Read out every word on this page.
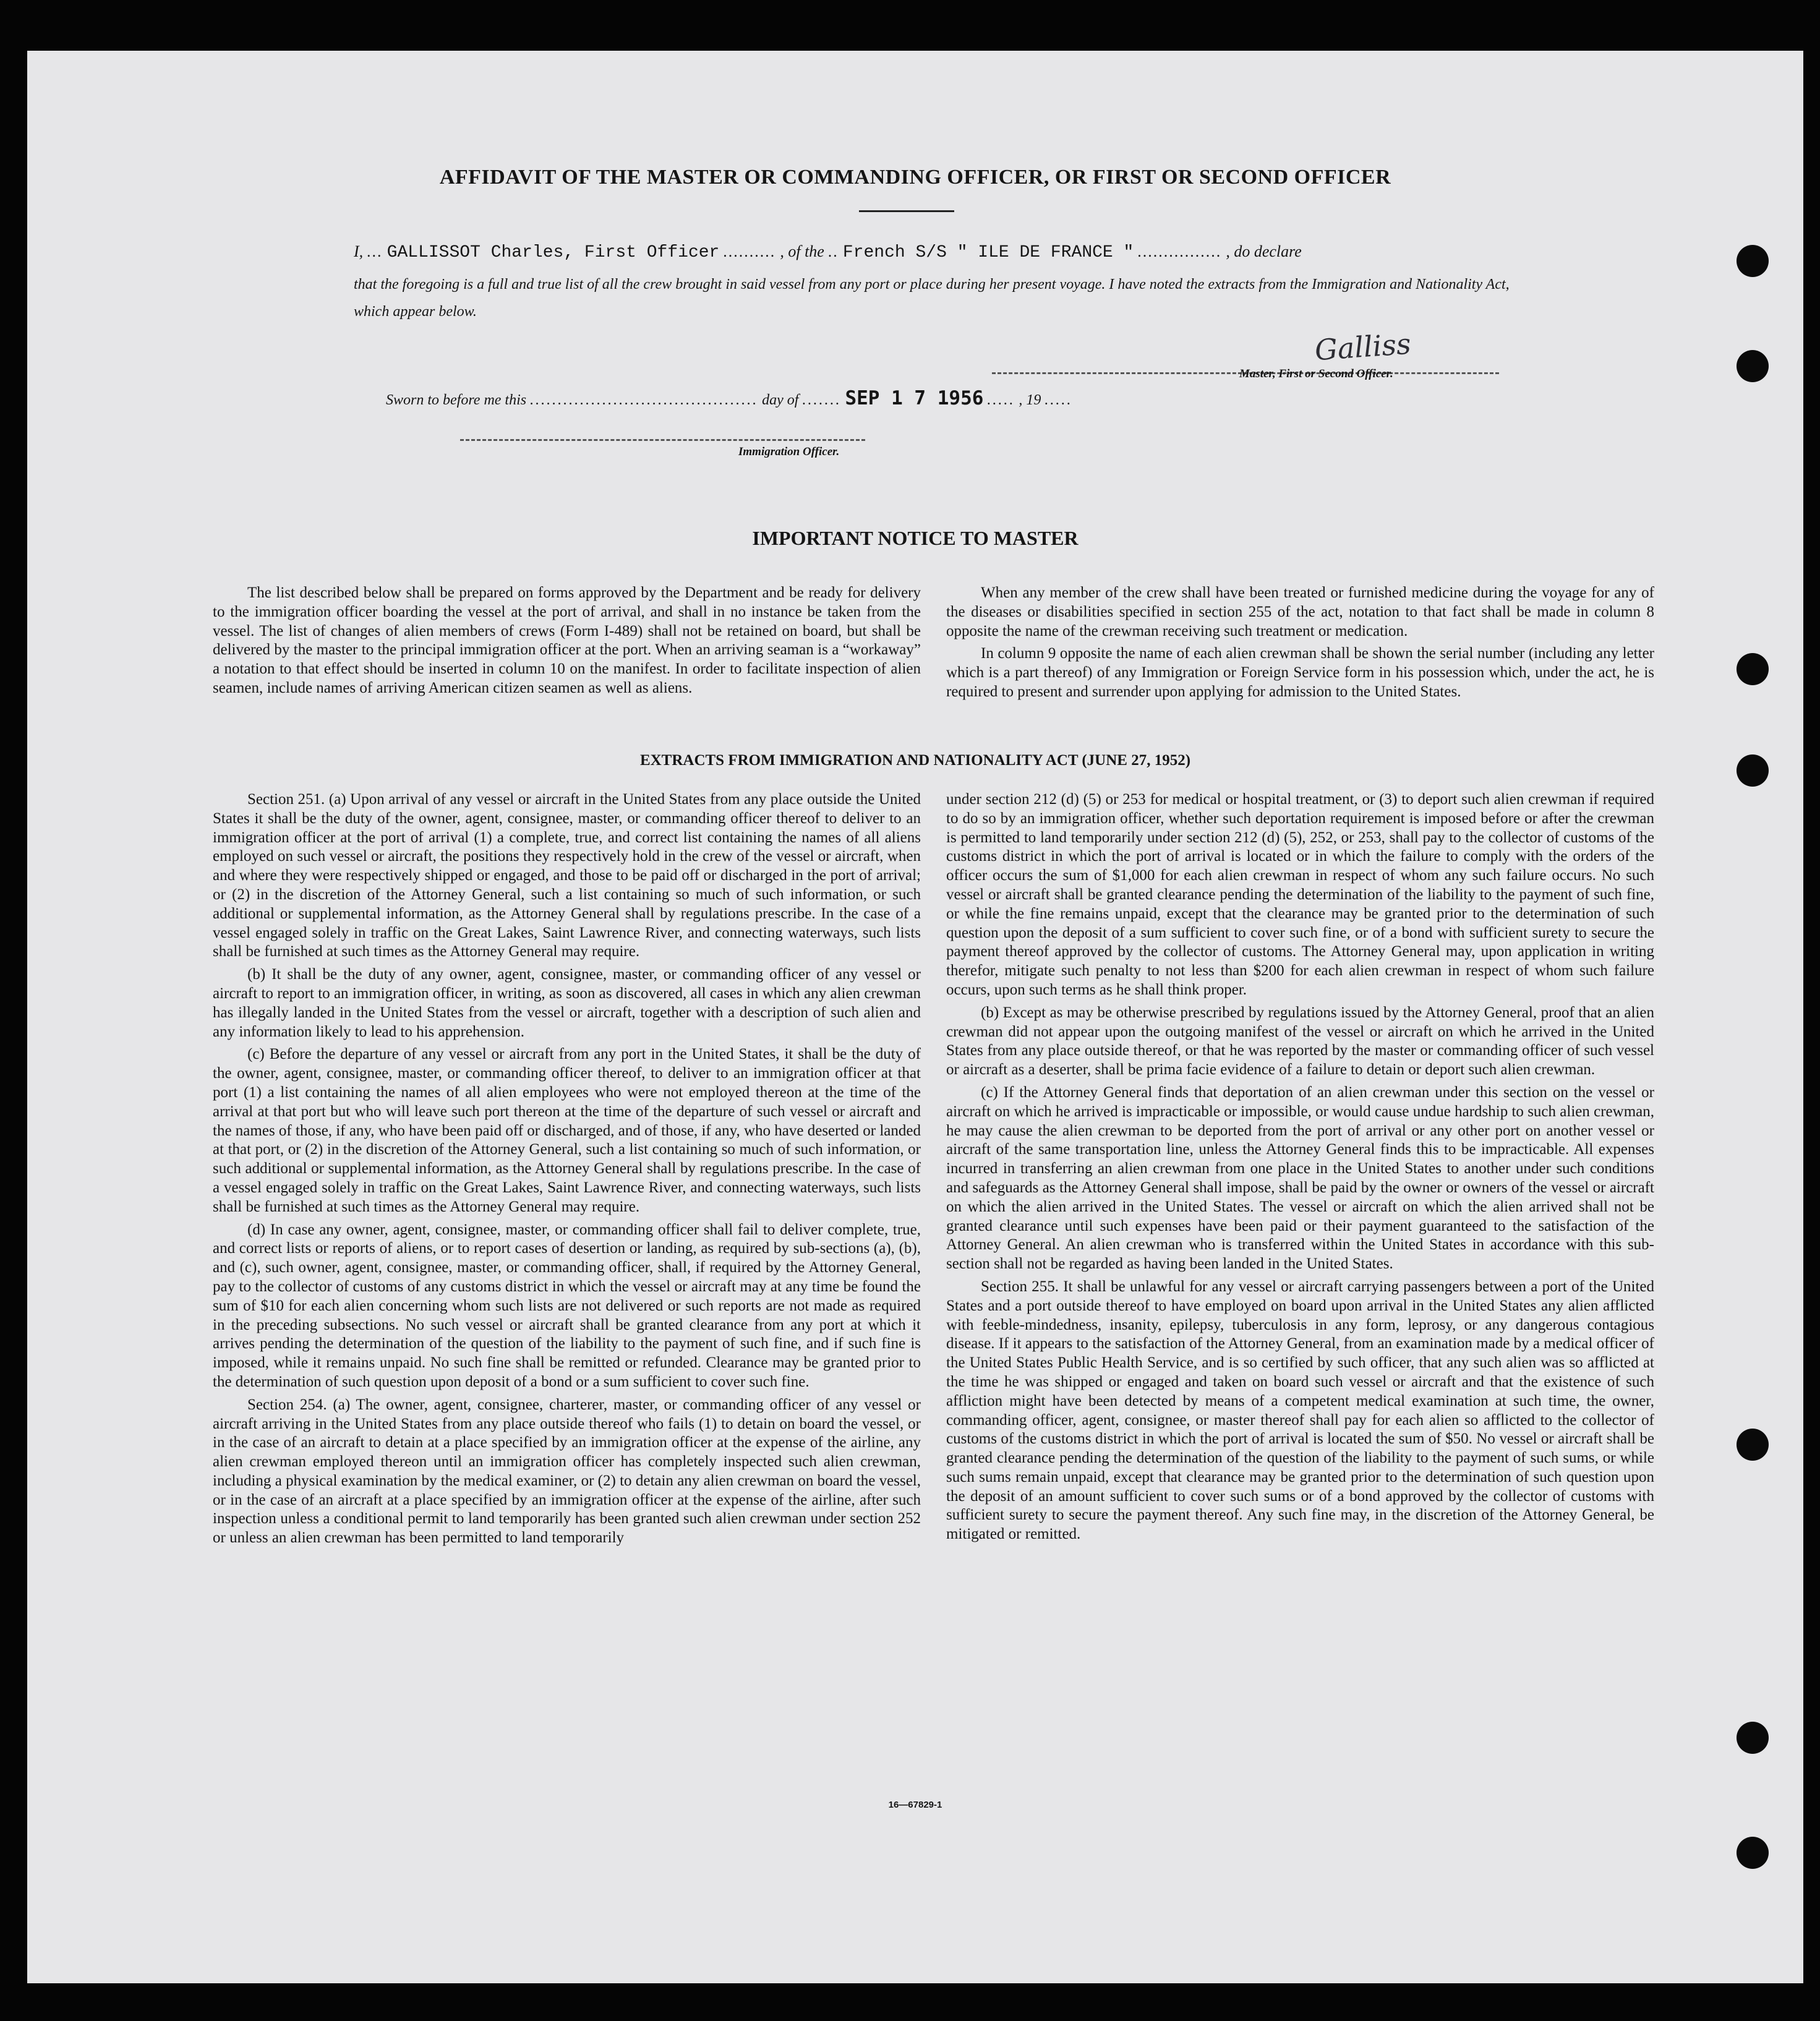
AFFIDAVIT OF THE MASTER OR COMMANDING OFFICER, OR FIRST OR SECOND OFFICER
I, ... GALLISSOT Charles, First Officer .......... , of the .. French S/S " ILE DE FRANCE " ................ , do declare
that the foregoing is a full and true list of all the crew brought in said vessel from any port or place during her present voyage. I have noted the extracts from the Immigration and Nationality Act, which appear below.
Galliss
Master, First or Second Officer.
Sworn to before me this ......................................... day of ....... SEP 1 7 1956 ..... , 19 .....
Immigration Officer.
IMPORTANT NOTICE TO MASTER

The list described below shall be prepared on forms approved by the Department and be ready for delivery to the immigration officer boarding the vessel at the port of arrival, and shall in no instance be taken from the vessel. The list of changes of alien members of crews (Form I-489) shall not be retained on board, but shall be delivered by the master to the principal immigration officer at the port. When an arriving seaman is a “workaway” a notation to that effect should be inserted in column 10 on the manifest. In order to facilitate inspection of alien seamen, include names of arriving American citizen seamen as well as aliens.

When any member of the crew shall have been treated or furnished medicine during the voyage for any of the diseases or disabilities specified in section 255 of the act, notation to that fact shall be made in column 8 opposite the name of the crewman receiving such treatment or medication.

In column 9 opposite the name of each alien crewman shall be shown the serial number (including any letter which is a part thereof) of any Immigration or Foreign Service form in his possession which, under the act, he is required to present and surrender upon applying for admission to the United States.

EXTRACTS FROM IMMIGRATION AND NATIONALITY ACT (JUNE 27, 1952)

Section 251. (a) Upon arrival of any vessel or aircraft in the United States from any place outside the United States it shall be the duty of the owner, agent, consignee, master, or commanding officer thereof to deliver to an immigration officer at the port of arrival (1) a complete, true, and correct list containing the names of all aliens employed on such vessel or aircraft, the positions they respectively hold in the crew of the vessel or aircraft, when and where they were respectively shipped or engaged, and those to be paid off or discharged in the port of arrival; or (2) in the discretion of the Attorney General, such a list containing so much of such information, or such additional or supplemental information, as the Attorney General shall by regulations prescribe. In the case of a vessel engaged solely in traffic on the Great Lakes, Saint Lawrence River, and connecting waterways, such lists shall be furnished at such times as the Attorney General may require.

(b) It shall be the duty of any owner, agent, consignee, master, or commanding officer of any vessel or aircraft to report to an immigration officer, in writing, as soon as discovered, all cases in which any alien crewman has illegally landed in the United States from the vessel or aircraft, together with a description of such alien and any information likely to lead to his apprehension.

(c) Before the departure of any vessel or aircraft from any port in the United States, it shall be the duty of the owner, agent, consignee, master, or commanding officer thereof, to deliver to an immigration officer at that port (1) a list containing the names of all alien employees who were not employed thereon at the time of the arrival at that port but who will leave such port thereon at the time of the departure of such vessel or aircraft and the names of those, if any, who have been paid off or discharged, and of those, if any, who have deserted or landed at that port, or (2) in the discretion of the Attorney General, such a list containing so much of such information, or such additional or supplemental information, as the Attorney General shall by regulations prescribe. In the case of a vessel engaged solely in traffic on the Great Lakes, Saint Lawrence River, and connecting waterways, such lists shall be furnished at such times as the Attorney General may require.

(d) In case any owner, agent, consignee, master, or commanding officer shall fail to deliver complete, true, and correct lists or reports of aliens, or to report cases of desertion or landing, as required by sub-sections (a), (b), and (c), such owner, agent, consignee, master, or commanding officer, shall, if required by the Attorney General, pay to the collector of customs of any customs district in which the vessel or aircraft may at any time be found the sum of $10 for each alien concerning whom such lists are not delivered or such reports are not made as required in the preceding subsections. No such vessel or aircraft shall be granted clearance from any port at which it arrives pending the determination of the question of the liability to the payment of such fine, and if such fine is imposed, while it remains unpaid. No such fine shall be remitted or refunded. Clearance may be granted prior to the determination of such question upon deposit of a bond or a sum sufficient to cover such fine.

Section 254. (a) The owner, agent, consignee, charterer, master, or commanding officer of any vessel or aircraft arriving in the United States from any place outside thereof who fails (1) to detain on board the vessel, or in the case of an aircraft to detain at a place specified by an immigration officer at the expense of the airline, any alien crewman employed thereon until an immigration officer has completely inspected such alien crewman, including a physical examination by the medical examiner, or (2) to detain any alien crewman on board the vessel, or in the case of an aircraft at a place specified by an immigration officer at the expense of the airline, after such inspection unless a conditional permit to land temporarily has been granted such alien crewman under section 252 or unless an alien crewman has been permitted to land temporarily

under section 212 (d) (5) or 253 for medical or hospital treatment, or (3) to deport such alien crewman if required to do so by an immigration officer, whether such deportation requirement is imposed before or after the crewman is permitted to land temporarily under section 212 (d) (5), 252, or 253, shall pay to the collector of customs of the customs district in which the port of arrival is located or in which the failure to comply with the orders of the officer occurs the sum of $1,000 for each alien crewman in respect of whom any such failure occurs. No such vessel or aircraft shall be granted clearance pending the determination of the liability to the payment of such fine, or while the fine remains unpaid, except that the clearance may be granted prior to the determination of such question upon the deposit of a sum sufficient to cover such fine, or of a bond with sufficient surety to secure the payment thereof approved by the collector of customs. The Attorney General may, upon application in writing therefor, mitigate such penalty to not less than $200 for each alien crewman in respect of whom such failure occurs, upon such terms as he shall think proper.

(b) Except as may be otherwise prescribed by regulations issued by the Attorney General, proof that an alien crewman did not appear upon the outgoing manifest of the vessel or aircraft on which he arrived in the United States from any place outside thereof, or that he was reported by the master or commanding officer of such vessel or aircraft as a deserter, shall be prima facie evidence of a failure to detain or deport such alien crewman.

(c) If the Attorney General finds that deportation of an alien crewman under this section on the vessel or aircraft on which he arrived is impracticable or impossible, or would cause undue hardship to such alien crewman, he may cause the alien crewman to be deported from the port of arrival or any other port on another vessel or aircraft of the same transportation line, unless the Attorney General finds this to be impracticable. All expenses incurred in transferring an alien crewman from one place in the United States to another under such conditions and safeguards as the Attorney General shall impose, shall be paid by the owner or owners of the vessel or aircraft on which the alien arrived in the United States. The vessel or aircraft on which the alien arrived shall not be granted clearance until such expenses have been paid or their payment guaranteed to the satisfaction of the Attorney General. An alien crewman who is transferred within the United States in accordance with this sub-section shall not be regarded as having been landed in the United States.

Section 255. It shall be unlawful for any vessel or aircraft carrying passengers between a port of the United States and a port outside thereof to have employed on board upon arrival in the United States any alien afflicted with feeble-mindedness, insanity, epilepsy, tuberculosis in any form, leprosy, or any dangerous contagious disease. If it appears to the satisfaction of the Attorney General, from an examination made by a medical officer of the United States Public Health Service, and is so certified by such officer, that any such alien was so afflicted at the time he was shipped or engaged and taken on board such vessel or aircraft and that the existence of such affliction might have been detected by means of a competent medical examination at such time, the owner, commanding officer, agent, consignee, or master thereof shall pay for each alien so afflicted to the collector of customs of the customs district in which the port of arrival is located the sum of $50. No vessel or aircraft shall be granted clearance pending the determination of the question of the liability to the payment of such sums, or while such sums remain unpaid, except that clearance may be granted prior to the determination of such question upon the deposit of an amount sufficient to cover such sums or of a bond approved by the collector of customs with sufficient surety to secure the payment thereof. Any such fine may, in the discretion of the Attorney General, be mitigated or remitted.

16—67829-1
